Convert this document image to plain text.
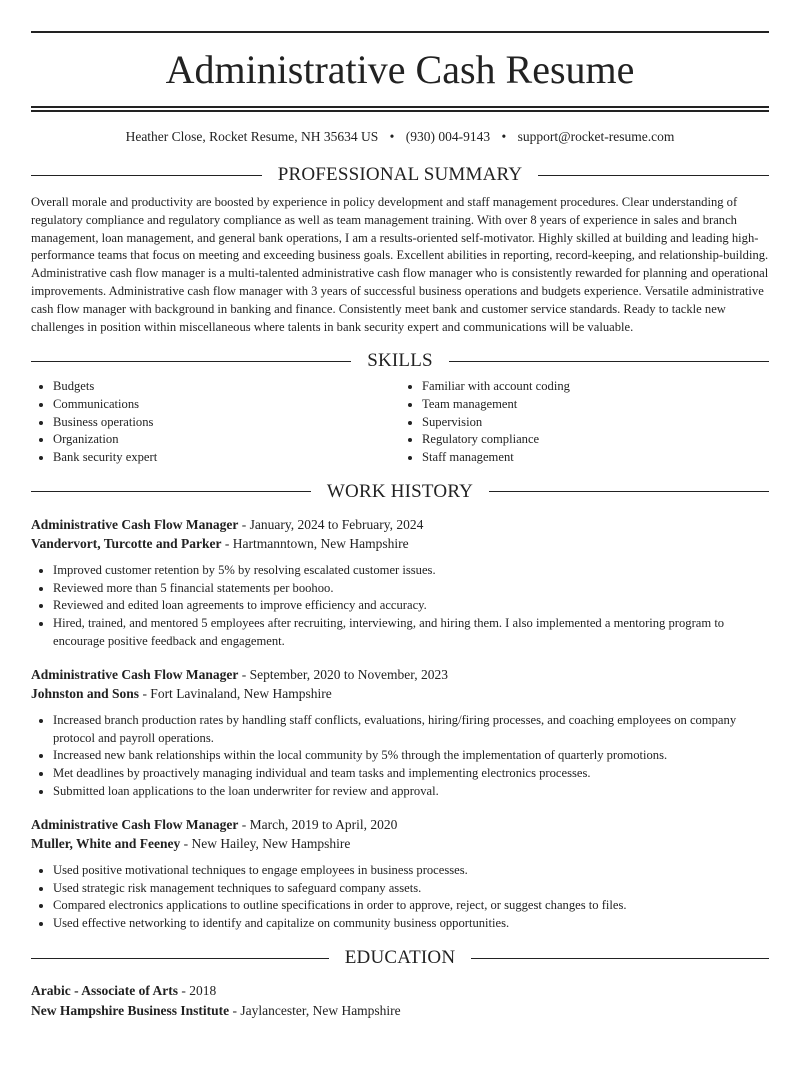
Administrative Cash Resume
Heather Close, Rocket Resume, NH 35634 US • (930) 004-9143 • support@rocket-resume.com
PROFESSIONAL SUMMARY
Overall morale and productivity are boosted by experience in policy development and staff management procedures. Clear understanding of regulatory compliance and regulatory compliance as well as team management training. With over 8 years of experience in sales and branch management, loan management, and general bank operations, I am a results-oriented self-motivator. Highly skilled at building and leading high-performance teams that focus on meeting and exceeding business goals. Excellent abilities in reporting, record-keeping, and relationship-building. Administrative cash flow manager is a multi-talented administrative cash flow manager who is consistently rewarded for planning and operational improvements. Administrative cash flow manager with 3 years of successful business operations and budgets experience. Versatile administrative cash flow manager with background in banking and finance. Consistently meet bank and customer service standards. Ready to tackle new challenges in position within miscellaneous where talents in bank security expert and communications will be valuable.
SKILLS
• Budgets
• Communications
• Business operations
• Organization
• Bank security expert
• Familiar with account coding
• Team management
• Supervision
• Regulatory compliance
• Staff management
WORK HISTORY
Administrative Cash Flow Manager - January, 2024 to February, 2024
Vandervort, Turcotte and Parker - Hartmanntown, New Hampshire
• Improved customer retention by 5% by resolving escalated customer issues.
• Reviewed more than 5 financial statements per boohoo.
• Reviewed and edited loan agreements to improve efficiency and accuracy.
• Hired, trained, and mentored 5 employees after recruiting, interviewing, and hiring them. I also implemented a mentoring program to encourage positive feedback and engagement.
Administrative Cash Flow Manager - September, 2020 to November, 2023
Johnston and Sons - Fort Lavinaland, New Hampshire
• Increased branch production rates by handling staff conflicts, evaluations, hiring/firing processes, and coaching employees on company protocol and payroll operations.
• Increased new bank relationships within the local community by 5% through the implementation of quarterly promotions.
• Met deadlines by proactively managing individual and team tasks and implementing electronics processes.
• Submitted loan applications to the loan underwriter for review and approval.
Administrative Cash Flow Manager - March, 2019 to April, 2020
Muller, White and Feeney - New Hailey, New Hampshire
• Used positive motivational techniques to engage employees in business processes.
• Used strategic risk management techniques to safeguard company assets.
• Compared electronics applications to outline specifications in order to approve, reject, or suggest changes to files.
• Used effective networking to identify and capitalize on community business opportunities.
EDUCATION
Arabic - Associate of Arts - 2018
New Hampshire Business Institute - Jaylancester, New Hampshire
